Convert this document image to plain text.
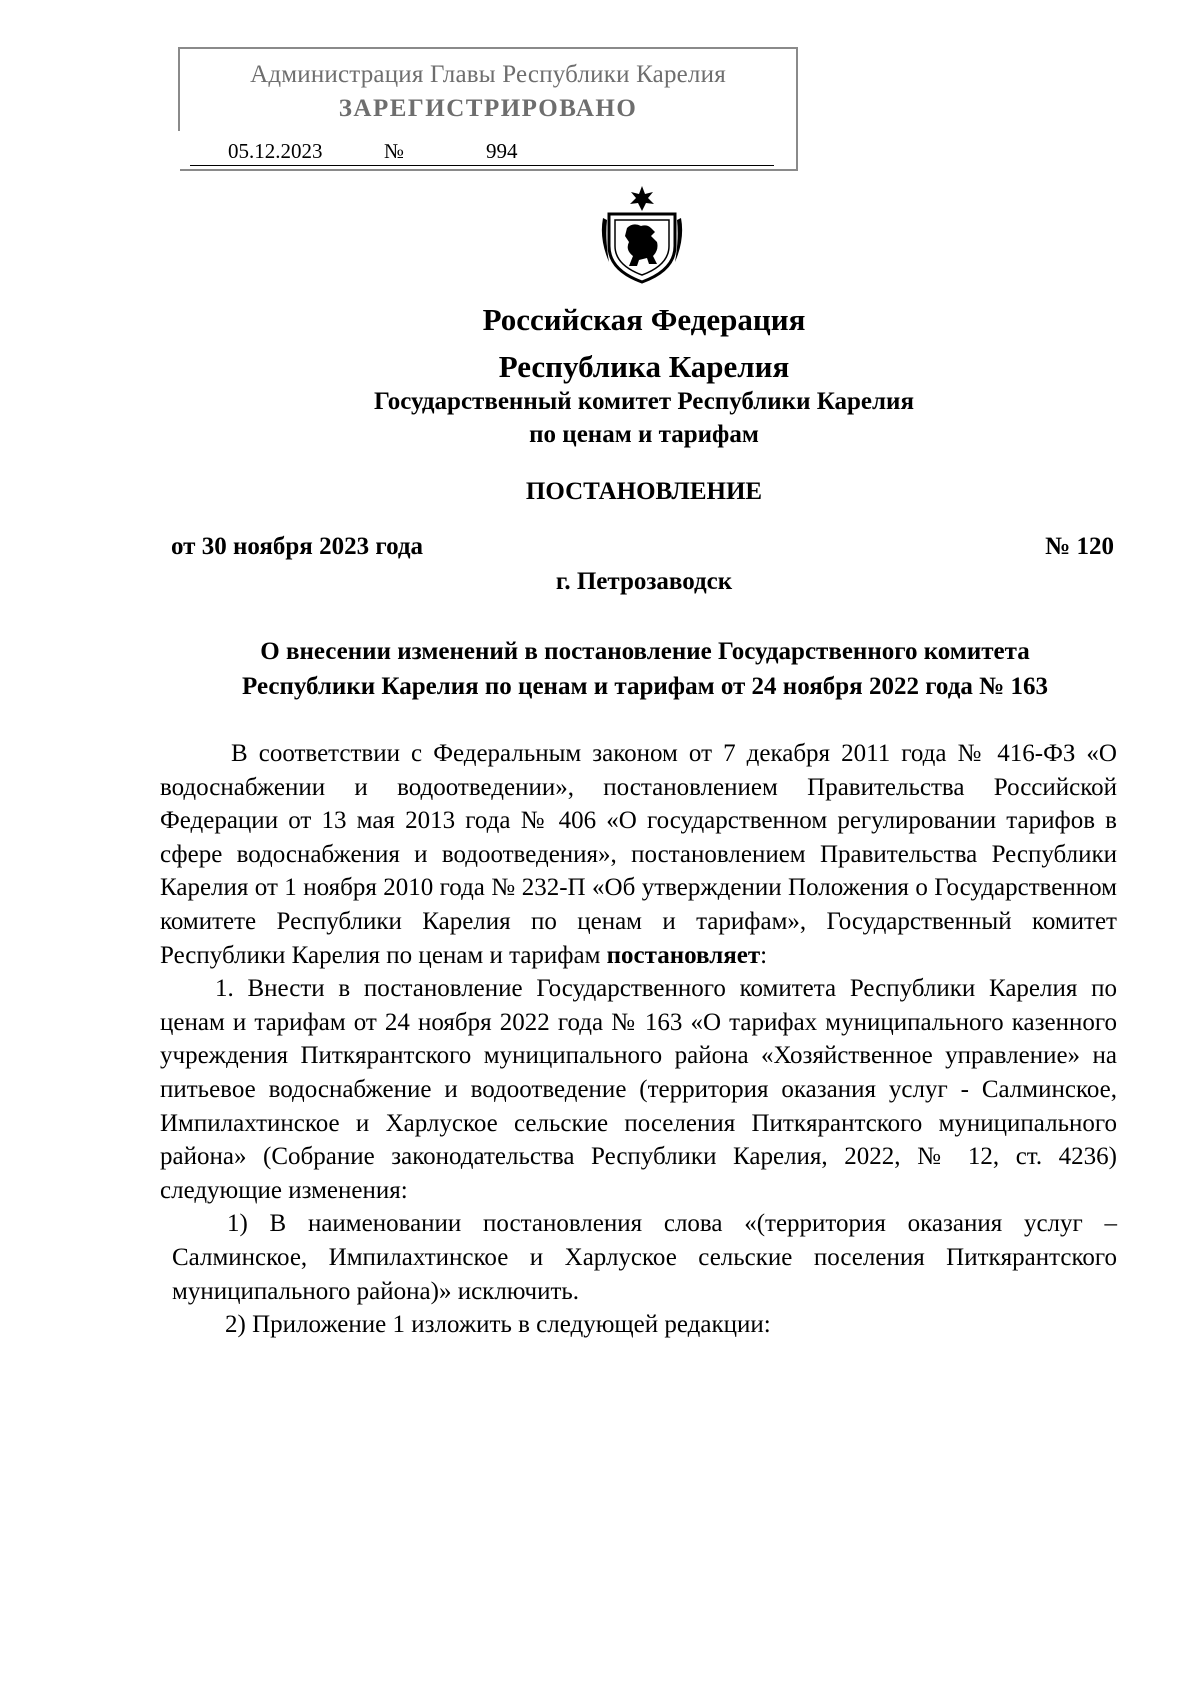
Администрация Главы Республики Карелия
ЗАРЕГИСТРИРОВАНО
05.12.2023	№	994
Российская Федерация
Республика Карелия
Государственный комитет Республики Карелия
по ценам и тарифам
ПОСТАНОВЛЕНИЕ
от 30 ноября 2023 года	№ 120
г. Петрозаводск
О внесении изменений в постановление Государственного комитета
Республики Карелия по ценам и тарифам от 24 ноября 2022 года № 163

В соответствии с Федеральным законом от 7 декабря 2011 года № 416-ФЗ «О водоснабжении и водоотведении», постановлением Правительства Российской Федерации от 13 мая 2013 года № 406 «О государственном регулировании тарифов в сфере водоснабжения и водоотведения», постановлением Правительства Республики Карелия от 1 ноября 2010 года № 232-П «Об утверждении Положения о Государственном комитете Республики Карелия по ценам и тарифам», Государственный комитет Республики Карелия по ценам и тарифам постановляет:

1. Внести в постановление Государственного комитета Республики Карелия по ценам и тарифам от 24 ноября 2022 года № 163 «О тарифах муниципального казенного учреждения Питкярантского муниципального района «Хозяйственное управление» на питьевое водоснабжение и водоотведение (территория оказания услуг - Салминское, Импилахтинское и Харлуское сельские поселения Питкярантского муниципального района» (Собрание законодательства Республики Карелия, 2022, № 12, ст. 4236) следующие изменения:

1) В наименовании постановления слова «(территория оказания услуг – Салминское, Импилахтинское и Харлуское сельские поселения Питкярантского муниципального района)» исключить.

2) Приложение 1 изложить в следующей редакции:
